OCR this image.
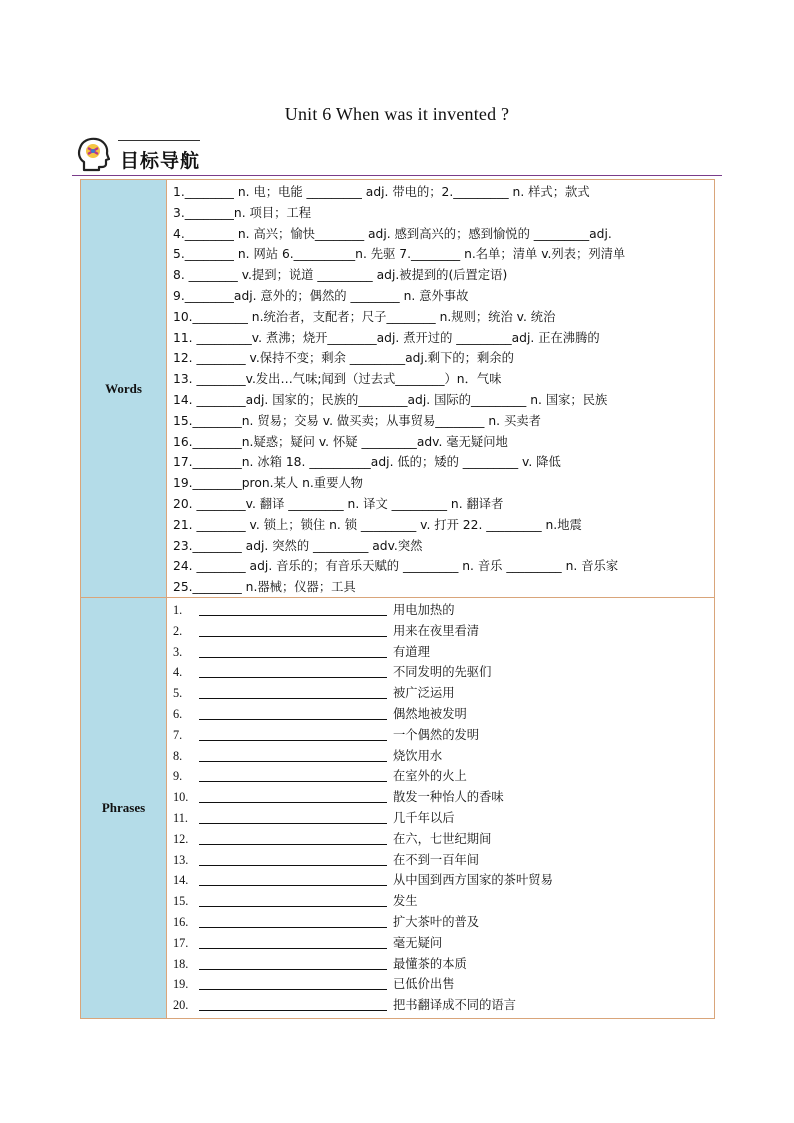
Unit 6 When was it invented ?
目标导航
Words
1.________ n. 电；电能 _________ adj. 带电的；2._________ n. 样式；款式
3.________n. 项目；工程
4.________ n. 高兴；愉快________ adj. 感到高兴的；感到愉悦的 _________adj.
5.________ n. 网站 6.__________n. 先驱 7.________ n.名单；清单 v.列表；列清单
8. ________ v.提到；说道 _________ adj.被提到的(后置定语)
9.________adj. 意外的；偶然的 ________ n. 意外事故
10._________ n.统治者，支配者；尺子________ n.规则；统治 v. 统治
11. _________v. 煮沸；烧开________adj. 煮开过的 _________adj. 正在沸腾的
12. ________ v.保持不变；剩余 _________adj.剩下的；剩余的
13. ________v.发出…气味;闻到（过去式________）n．气味
14. ________adj. 国家的；民族的________adj. 国际的_________ n. 国家；民族
15.________n. 贸易；交易 v. 做买卖；从事贸易________ n. 买卖者
16.________n.疑惑；疑问 v. 怀疑 _________adv. 毫无疑问地
17.________n. 冰箱 18. __________adj. 低的；矮的 _________ v. 降低
19.________pron.某人 n.重要人物
20. ________v. 翻译 _________ n. 译文 _________ n. 翻译者
21. ________ v. 锁上；锁住 n. 锁 _________ v. 打开 22. _________ n.地震
23.________ adj. 突然的 _________ adv.突然
24. ________ adj. 音乐的；有音乐天赋的 _________ n. 音乐 _________ n. 音乐家
25.________ n.器械；仪器；工具
Phrases
1.	用电加热的
2.	用来在夜里看清
3.	有道理
4.	不同发明的先驱们
5.	被广泛运用
6.	偶然地被发明
7.	一个偶然的发明
8.	烧饮用水
9.	在室外的火上
10.	散发一种怡人的香味
11.	几千年以后
12.	在六，七世纪期间
13.	在不到一百年间
14.	从中国到西方国家的茶叶贸易
15.	发生
16.	扩大茶叶的普及
17.	毫无疑问
18.	最懂茶的本质
19.	已低价出售
20.	把书翻译成不同的语言
